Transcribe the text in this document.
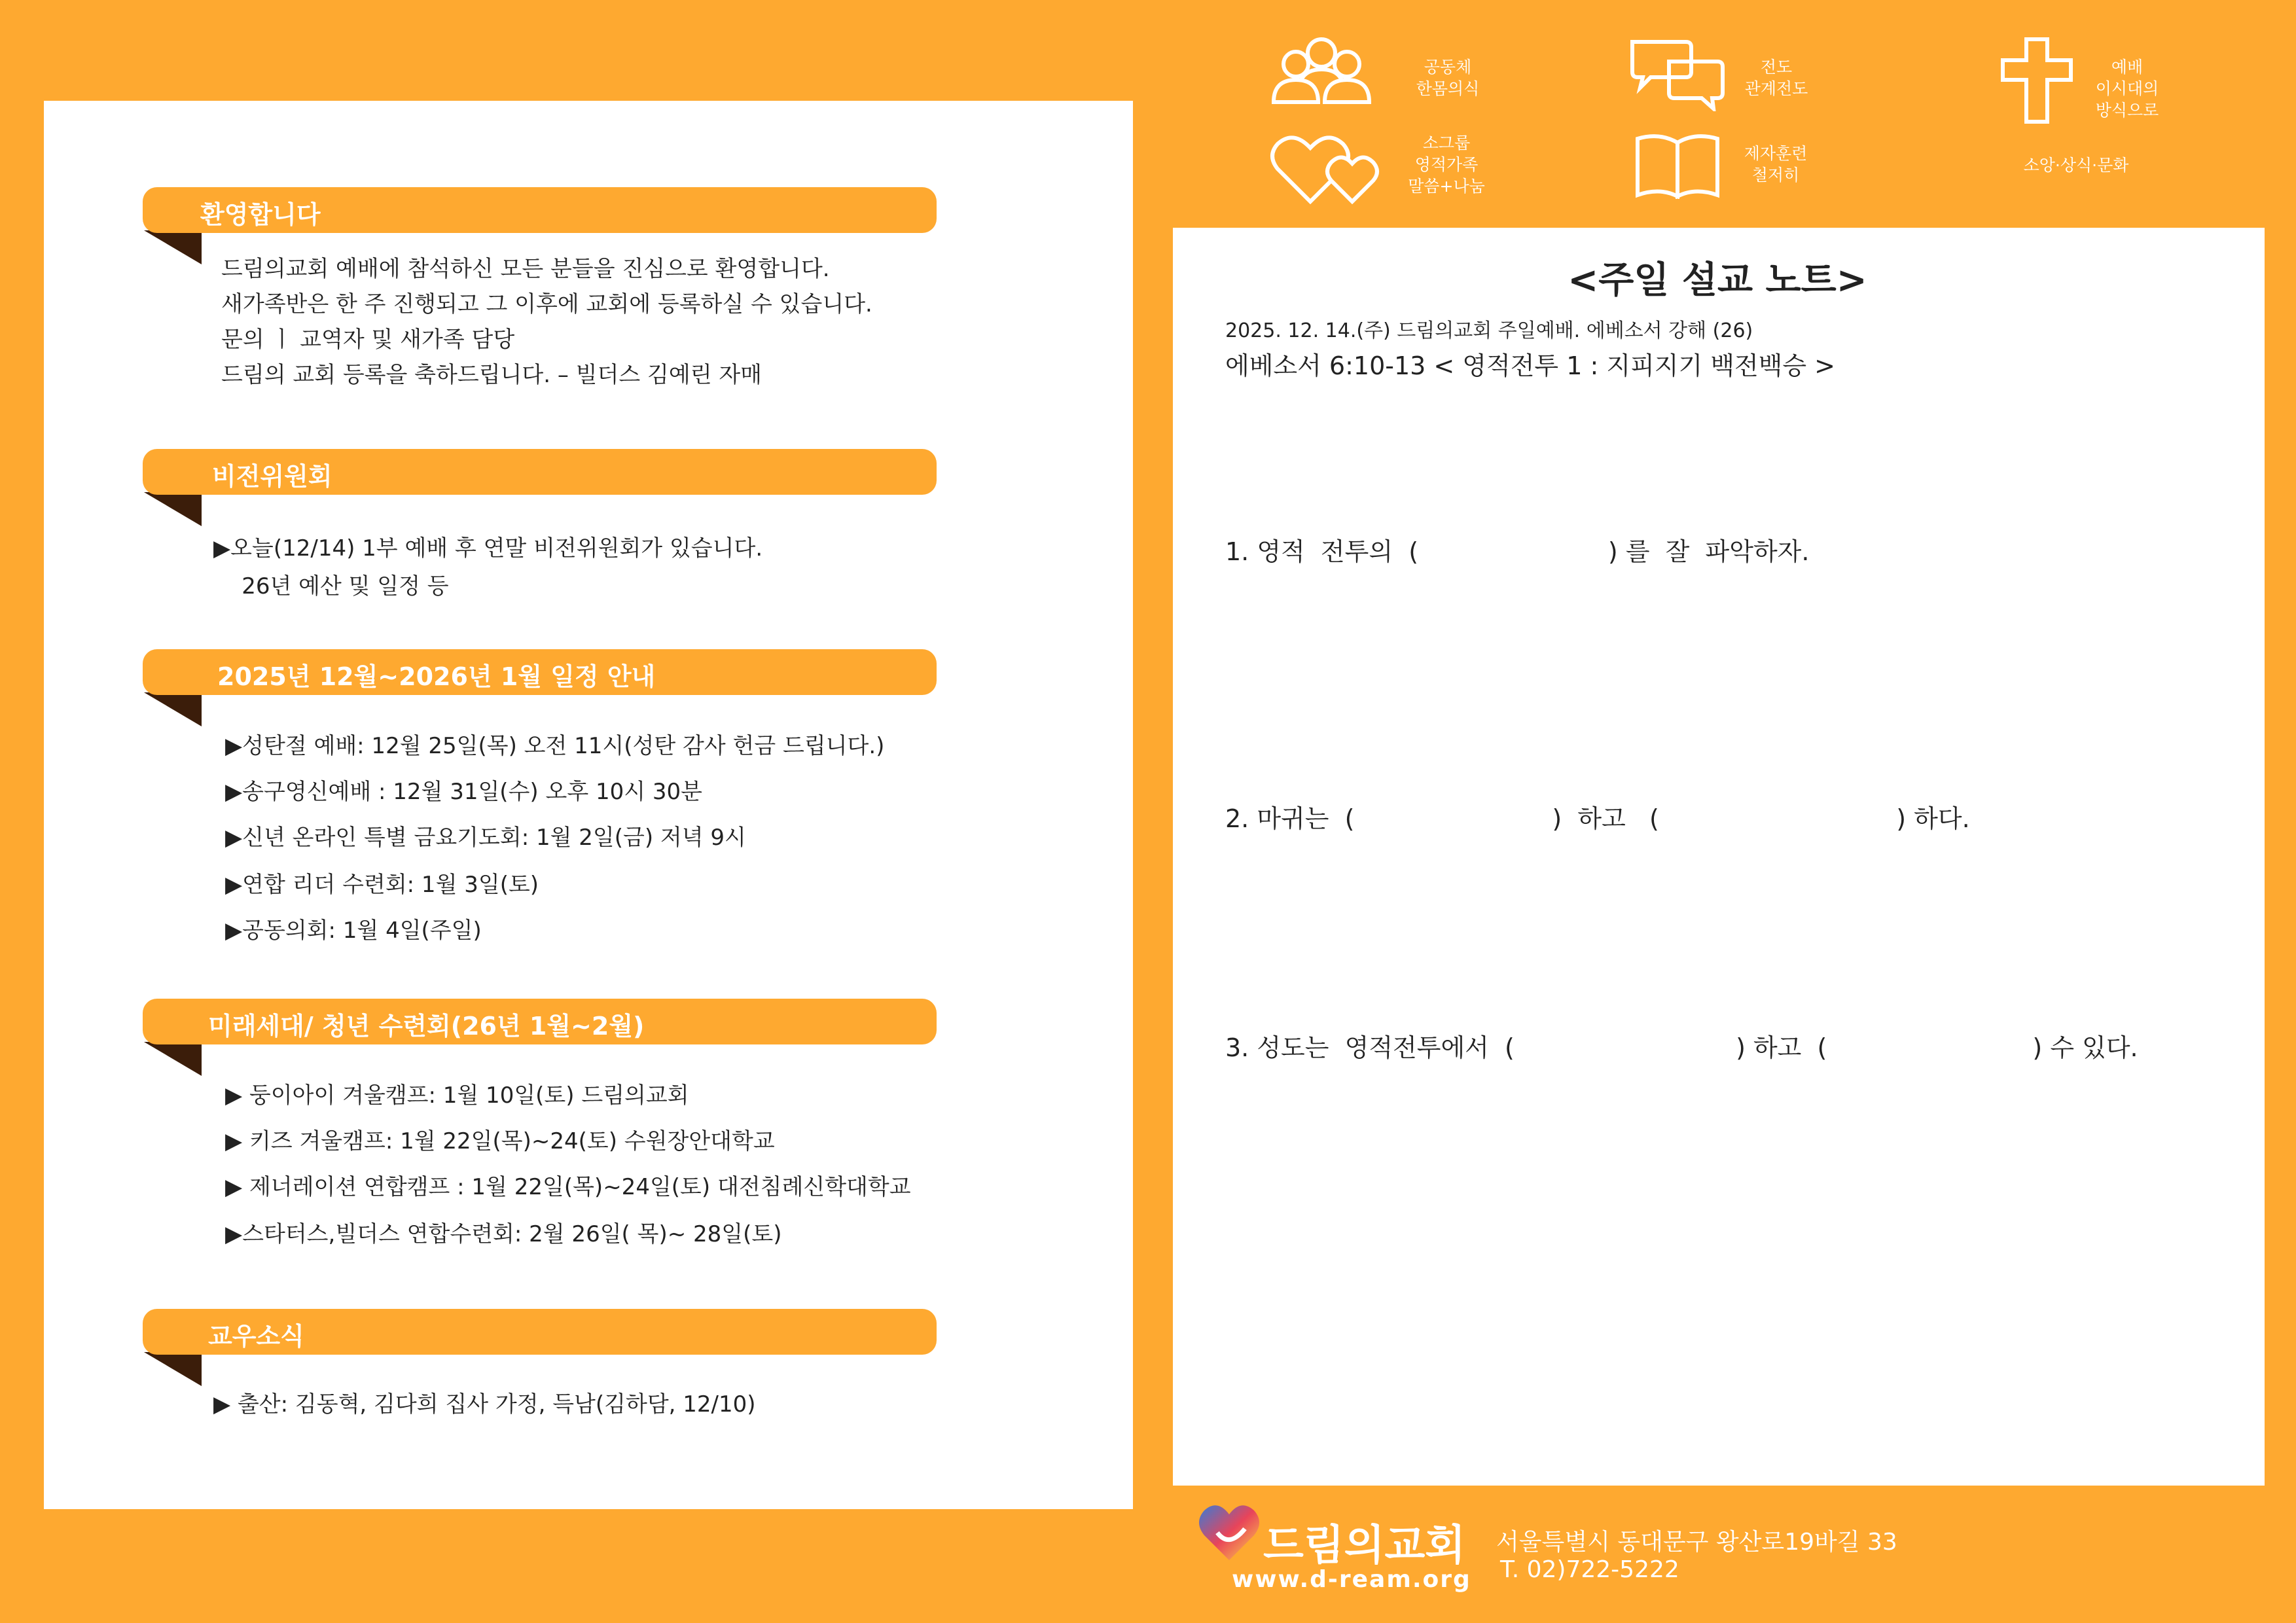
공동체
한몸의식
전도
관계전도
예배
이시대의
방식으로
소그룹
영적가족
말씀+나눔
제자훈련
철저히
소앙·상식·문화
환영합니다
드림의교회 예배에 참석하신 모든 분들을 진심으로 환영합니다.
새가족반은 한 주 진행되고 그 이후에 교회에 등록하실 수 있습니다.
문의 ㅣ 교역자 및 새가족 담당
드림의 교회 등록을 축하드립니다. – 빌더스 김예린 자매
비전위원회
▶오늘(12/14) 1부 예배 후 연말 비전위원회가 있습니다.
26년 예산 및 일정 등
2025년 12월~2026년 1월 일정 안내
▶성탄절 예배: 12월 25일(목) 오전 11시(성탄 감사 헌금 드립니다.)
▶송구영신예배 : 12월 31일(수) 오후 10시 30분
▶신년 온라인 특별 금요기도회: 1월 2일(금) 저녁 9시
▶연합 리더 수련회: 1월 3일(토)
▶공동의회: 1월 4일(주일)
미래세대/ 청년 수련회(26년 1월~2월)
▶ 둥이아이 겨울캠프: 1월 10일(토) 드림의교회
▶ 키즈 겨울캠프: 1월 22일(목)~24(토) 수원장안대학교
▶ 제너레이션 연합캠프 : 1월 22일(목)~24일(토) 대전침례신학대학교
▶스타터스,빌더스 연합수련회: 2월 26일( 목)~ 28일(토)
교우소식
▶ 출산: 김동혁, 김다희 집사 가정, 득남(김하담, 12/10)
<주일 설교 노트>
2025. 12. 14.(주) 드림의교회 주일예배. 에베소서 강해 (26)
에베소서 6:10-13 < 영적전투 1 : 지피지기 백전백승 >
1. 영적  전투의  (                        ) 를  잘  파악하자.
2. 마귀는  (                         )  하고   (                              ) 하다.
3. 성도는  영적전투에서  (                            ) 하고  (                          ) 수 있다.
드림의교회
www.d-ream.org
서울특별시 동대문구 왕산로19바길 33
T. 02)722-5222
